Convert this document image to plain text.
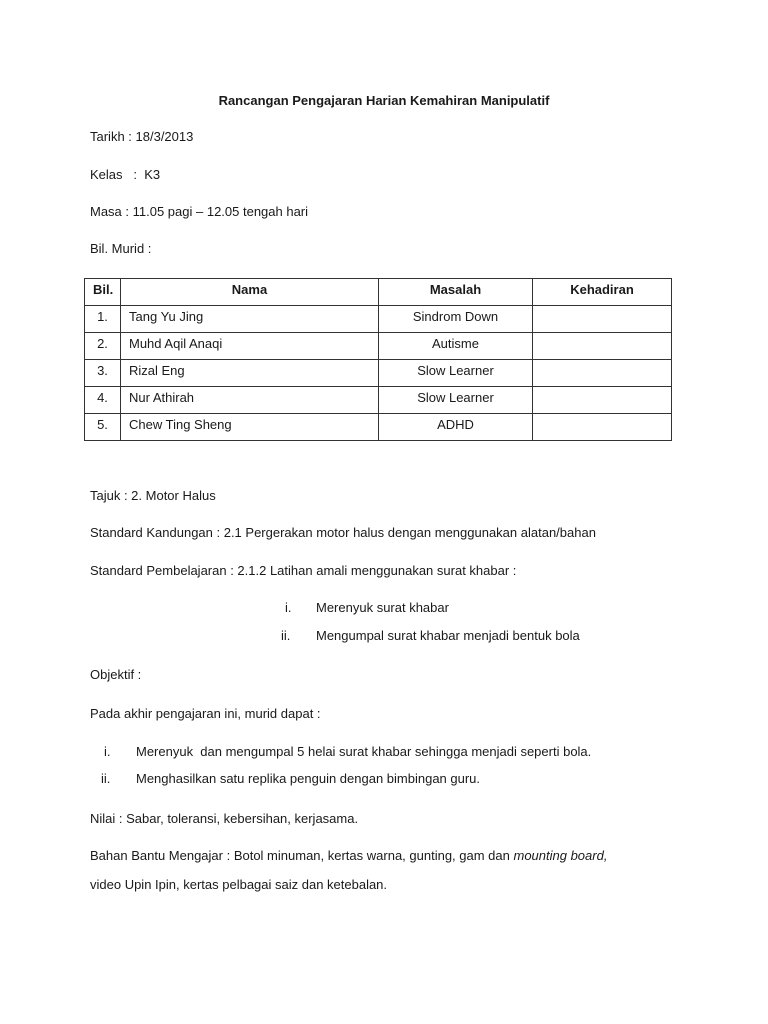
Rancangan Pengajaran Harian Kemahiran Manipulatif
Tarikh : 18/3/2013
Kelas   :  K3
Masa : 11.05 pagi – 12.05 tengah hari
Bil. Murid :
Bil.	Nama	Masalah	Kehadiran
1.	Tang Yu Jing	Sindrom Down	
2.	Muhd Aqil Anaqi	Autisme	
3.	Rizal Eng	Slow Learner	
4.	Nur Athirah	Slow Learner	
5.	Chew Ting Sheng	ADHD	
Tajuk : 2. Motor Halus
Standard Kandungan : 2.1 Pergerakan motor halus dengan menggunakan alatan/bahan
Standard Pembelajaran : 2.1.2 Latihan amali menggunakan surat khabar :
i. Merenyuk surat khabar
ii. Mengumpal surat khabar menjadi bentuk bola
Objektif :
Pada akhir pengajaran ini, murid dapat :
i. Merenyuk  dan mengumpal 5 helai surat khabar sehingga menjadi seperti bola.
ii. Menghasilkan satu replika penguin dengan bimbingan guru.
Nilai : Sabar, toleransi, kebersihan, kerjasama.
Bahan Bantu Mengajar : Botol minuman, kertas warna, gunting, gam dan mounting board,
video Upin Ipin, kertas pelbagai saiz dan ketebalan.
